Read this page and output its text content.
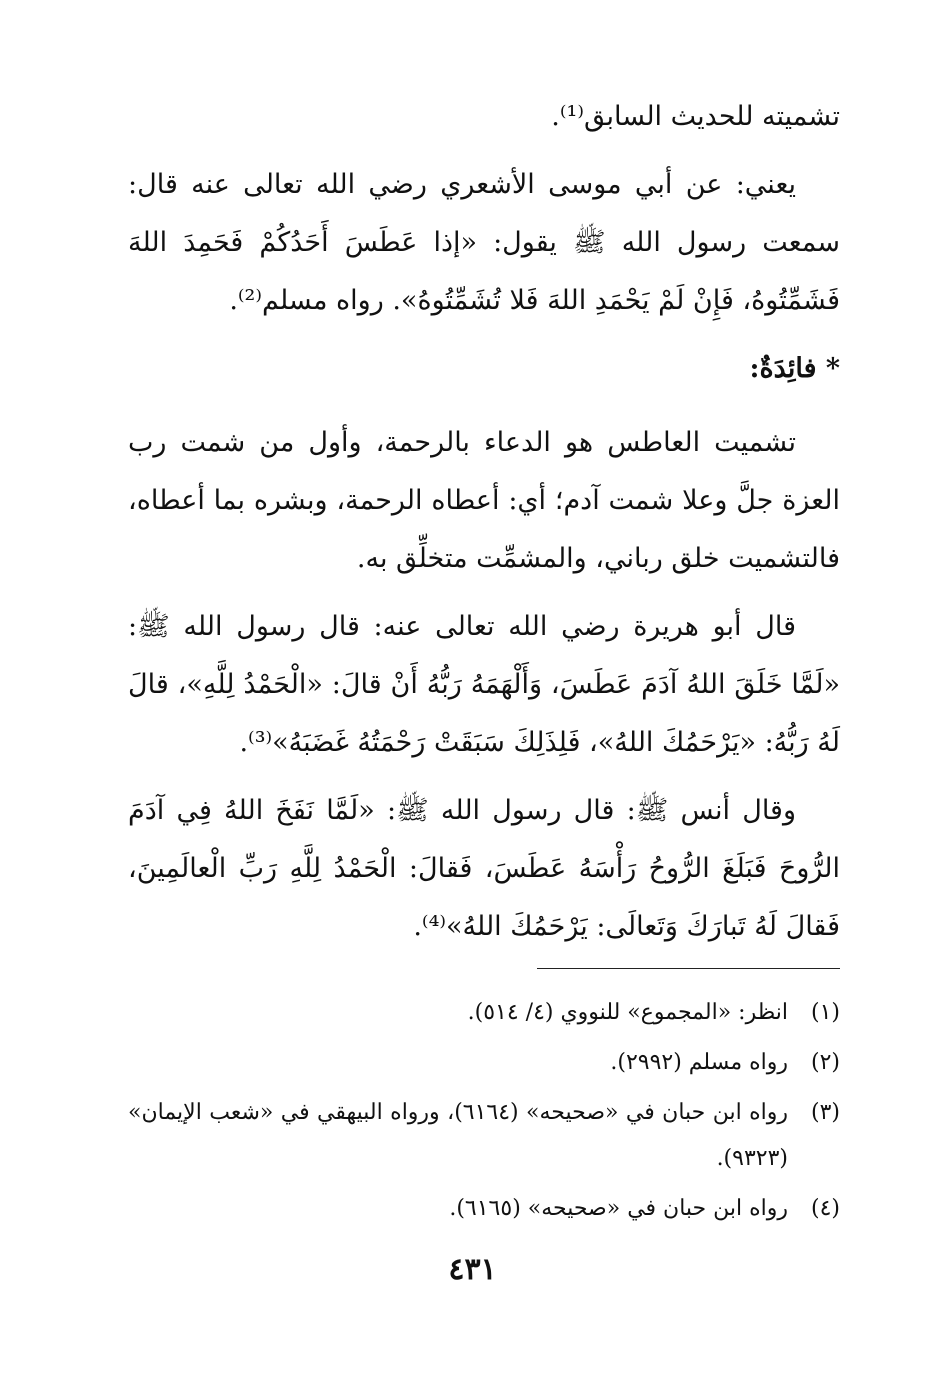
تشميته للحديث السابق⁽¹⁾.

يعني: عن أبي موسى الأشعري رضي الله تعالى عنه قال: سمعت رسول الله ﷺ يقول: «إذا عَطَسَ أَحَدُكُمْ فَحَمِدَ اللهَ فَشَمِّتُوهُ، فَإِنْ لَمْ يَحْمَدِ اللهَ فَلا تُشَمِّتُوهُ». رواه مسلم⁽²⁾.

* فائِدَةٌ:

تشميت العاطس هو الدعاء بالرحمة، وأول من شمت رب العزة جلَّ وعلا شمت آدم؛ أي: أعطاه الرحمة، وبشره بما أعطاه، فالتشميت خلق رباني، والمشمِّت متخلِّق به.

قال أبو هريرة رضي الله تعالى عنه: قال رسول الله ﷺ: «لَمَّا خَلَقَ اللهُ آدَمَ عَطَسَ، وَأَلْهَمَهُ رَبُّهُ أَنْ قالَ: «الْحَمْدُ لِلَّهِ»، قالَ لَهُ رَبُّهُ: «يَرْحَمُكَ اللهُ»، فَلِذَلِكَ سَبَقَتْ رَحْمَتُهُ غَضَبَهُ»⁽³⁾.

وقال أنس ﷺ: قال رسول الله ﷺ: «لَمَّا نَفَخَ اللهُ فِي آدَمَ الرُّوحَ فَبَلَغَ الرُّوحُ رَأْسَهُ عَطَسَ، فَقالَ: الْحَمْدُ لِلَّهِ رَبِّ الْعالَمِينَ، فَقالَ لَهُ تَبارَكَ وَتَعالَى: يَرْحَمُكَ اللهُ»⁽⁴⁾.

(١)
انظر: «المجموع» للنووي (٤/ ٥١٤).
(٢)
رواه مسلم (٢٩٩٢).
(٣)
رواه ابن حبان في «صحيحه» (٦١٦٤)، ورواه البيهقي في «شعب الإيمان» (٩٣٢٣).
(٤)
رواه ابن حبان في «صحيحه» (٦١٦٥).
٤٣١
